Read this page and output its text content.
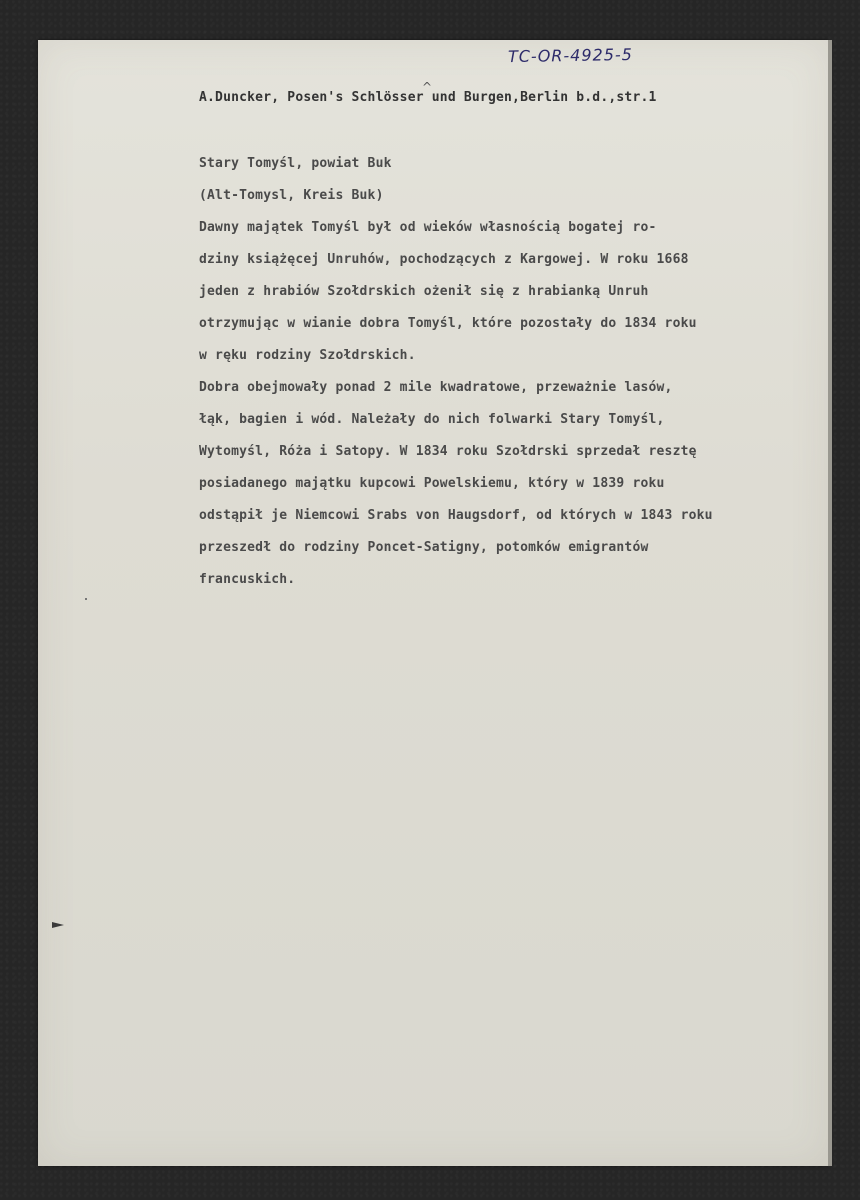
TC-OR-4925-5
^
A.Duncker, Posen's Schlösser und Burgen,Berlin b.d.,str.1
Stary Tomyśl, powiat Buk
(Alt-Tomysl, Kreis Buk)
Dawny majątek Tomyśl był od wieków własnością bogatej ro-
dziny książęcej Unruhów, pochodzących z Kargowej. W roku 1668
jeden z hrabiów Szołdrskich ożenił się z hrabianką Unruh
otrzymując w wianie dobra Tomyśl, które pozostały do 1834 roku
w ręku rodziny Szołdrskich.
Dobra obejmowały ponad 2 mile kwadratowe, przeważnie lasów,
łąk, bagien i wód. Należały do nich folwarki Stary Tomyśl,
Wytomyśl, Róża i Satopy. W 1834 roku Szołdrski sprzedał resztę
posiadanego majątku kupcowi Powelskiemu, który w 1839 roku
odstąpił je Niemcowi Srabs von Haugsdorf, od których w 1843 roku
przeszedł do rodziny Poncet-Satigny, potomków emigrantów
francuskich.
